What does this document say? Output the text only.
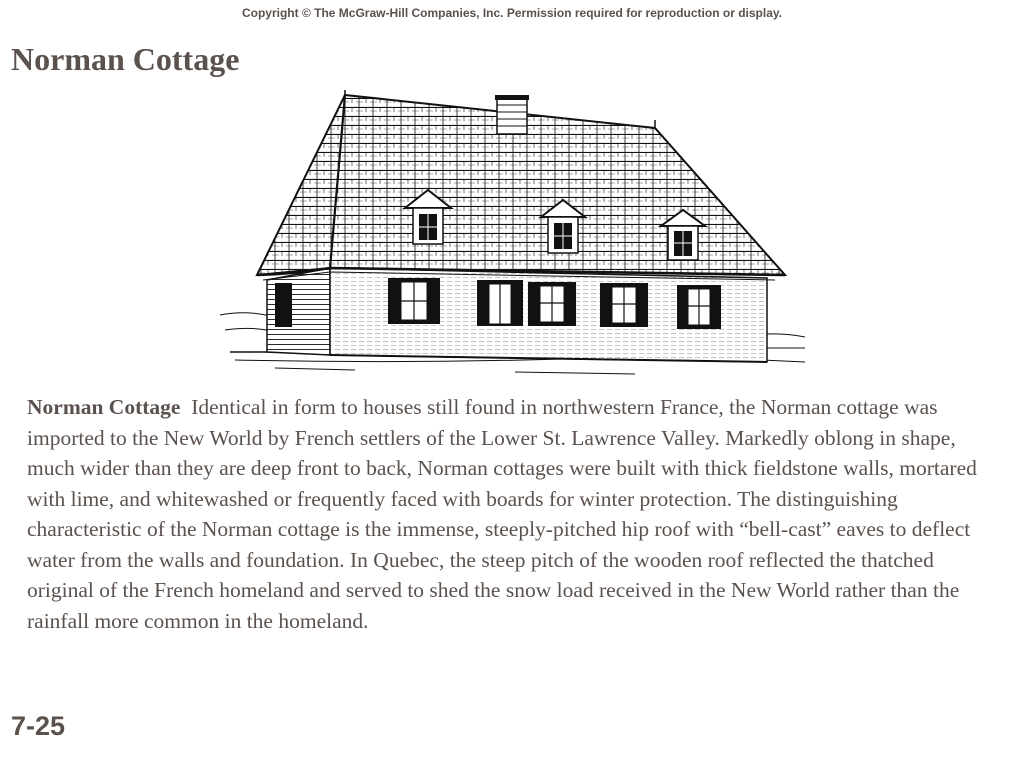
Copyright © The McGraw-Hill Companies, Inc. Permission required for reproduction or display.
Norman Cottage

Norman Cottage Identical in form to houses still found in northwestern France, the Norman cottage was imported to the New World by French settlers of the Lower St. Lawrence Valley. Markedly oblong in shape, much wider than they are deep front to back, Norman cottages were built with thick fieldstone walls, mortared with lime, and whitewashed or frequently faced with boards for winter protection. The distinguishing characteristic of the Norman cottage is the immense, steeply-pitched hip roof with “bell-cast” eaves to deflect water from the walls and foundation. In Quebec, the steep pitch of the wooden roof reflected the thatched original of the French homeland and served to shed the snow load received in the New World rather than the rainfall more common in the homeland.

7-25
